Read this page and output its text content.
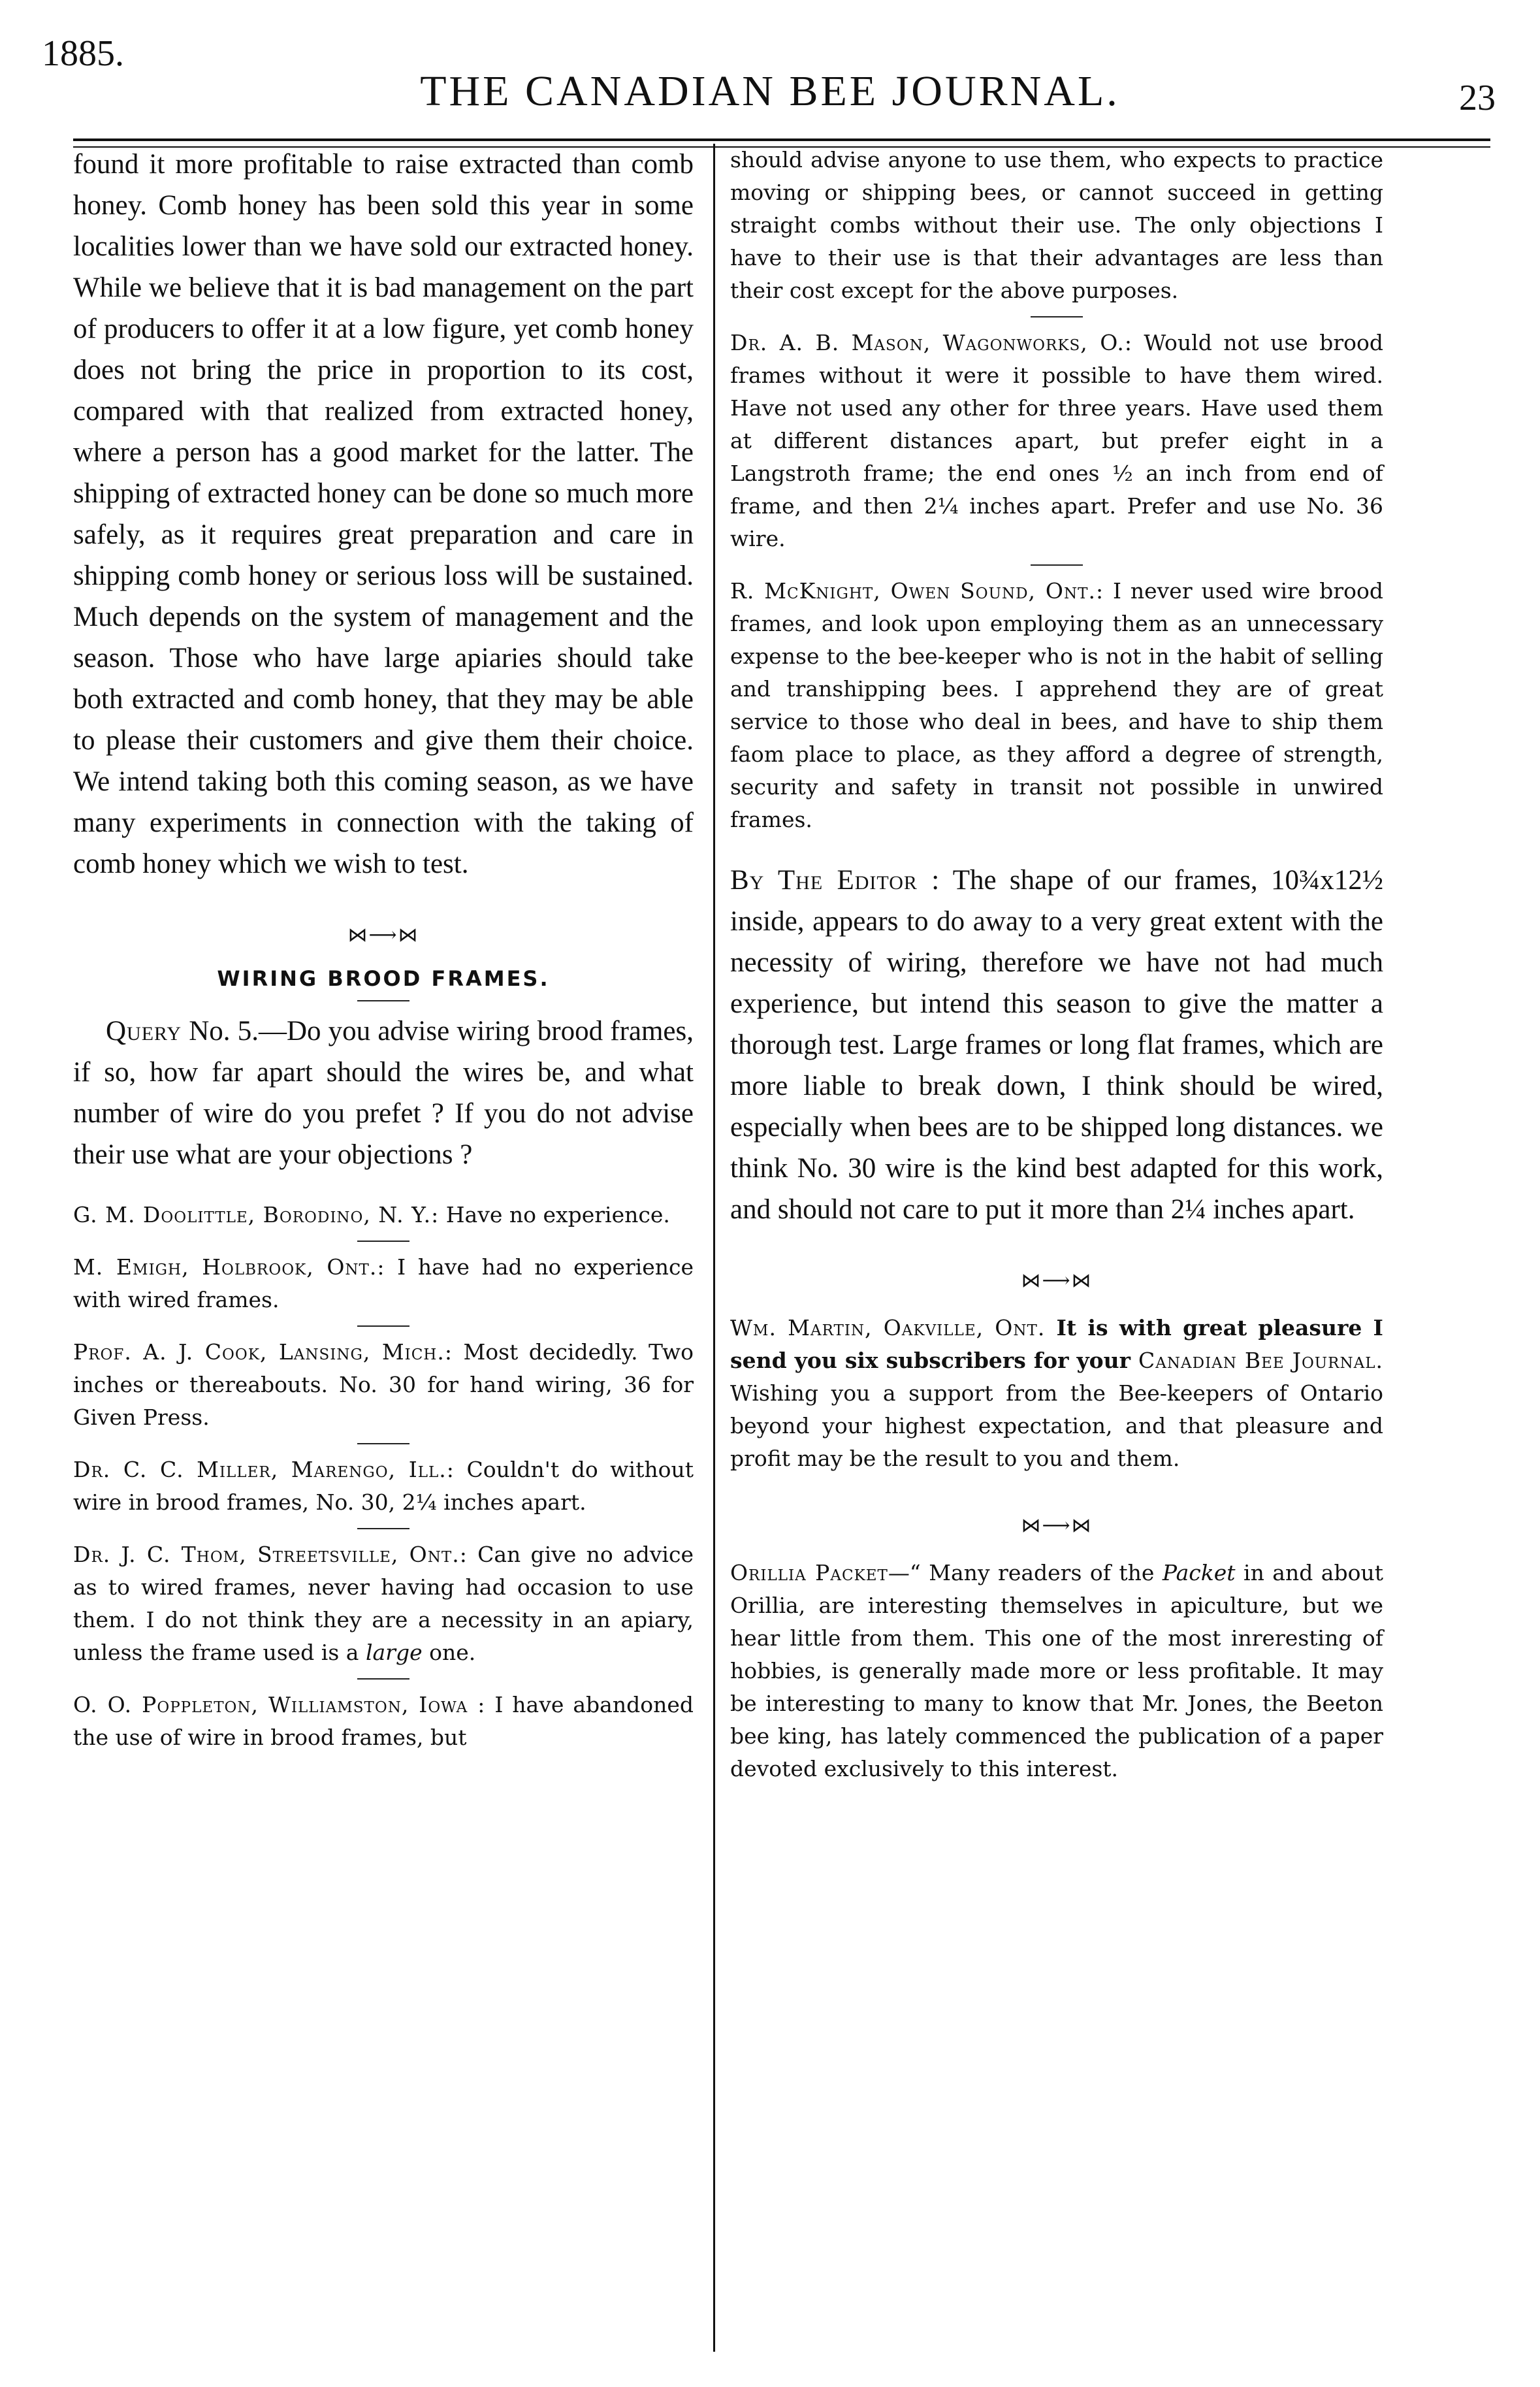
1885.
THE CANADIAN BEE JOURNAL.	23

found it more profitable to raise extracted than comb honey. Comb honey has been sold this year in some localities lower than we have sold our extracted honey. While we believe that it is bad management on the part of producers to offer it at a low figure, yet comb honey does not bring the price in proportion to its cost, compared with that realized from extracted honey, where a person has a good market for the latter. The shipping of extracted honey can be done so much more safely, as it requires great preparation and care in shipping comb honey or serious loss will be sustained. Much depends on the system of management and the season. Those who have large apiaries should take both extracted and comb honey, that they may be able to please their customers and give them their choice. We intend taking both this coming season, as we have many experiments in connection with the taking of comb honey which we wish to test.

⋈⟶⋈
WIRING BROOD FRAMES.

Query No. 5.—Do you advise wiring brood frames, if so, how far apart should the wires be, and what number of wire do you prefet ? If you do not advise their use what are your objections ?

G. M. Doolittle, Borodino, N. Y.: Have no experience.

M. Emigh, Holbrook, Ont.: I have had no experience with wired frames.

Prof. A. J. Cook, Lansing, Mich.: Most decidedly. Two inches or thereabouts. No. 30 for hand wiring, 36 for Given Press.

Dr. C. C. Miller, Marengo, Ill.: Couldn't do without wire in brood frames, No. 30, 2¼ inches apart.

Dr. J. C. Thom, Streetsville, Ont.: Can give no advice as to wired frames, never having had occasion to use them. I do not think they are a necessity in an apiary, unless the frame used is a large one.

O. O. Poppleton, Williamston, Iowa : I have abandoned the use of wire in brood frames, but

should advise anyone to use them, who expects to practice moving or shipping bees, or cannot succeed in getting straight combs without their use. The only objections I have to their use is that their advantages are less than their cost except for the above purposes.

Dr. A. B. Mason, Wagonworks, O.: Would not use brood frames without it were it possible to have them wired. Have not used any other for three years. Have used them at different distances apart, but prefer eight in a Langstroth frame; the end ones ½ an inch from end of frame, and then 2¼ inches apart. Prefer and use No. 36 wire.

R. McKnight, Owen Sound, Ont.: I never used wire brood frames, and look upon employing them as an unnecessary expense to the bee-keeper who is not in the habit of selling and transhipping bees. I apprehend they are of great service to those who deal in bees, and have to ship them faom place to place, as they afford a degree of strength, security and safety in transit not possible in unwired frames.

By The Editor : The shape of our frames, 10¾x12½ inside, appears to do away to a very great extent with the necessity of wiring, therefore we have not had much experience, but intend this season to give the matter a thorough test. Large frames or long flat frames, which are more liable to break down, I think should be wired, especially when bees are to be shipped long distances. we think No. 30 wire is the kind best adapted for this work, and should not care to put it more than 2¼ inches apart.

⋈⟶⋈

Wm. Martin, Oakville, Ont. It is with great pleasure I send you six subscribers for your Canadian Bee Journal. Wishing you a support from the Bee-keepers of Ontario beyond your highest expectation, and that pleasure and profit may be the result to you and them.

⋈⟶⋈

Orillia Packet—“ Many readers of the Packet in and about Orillia, are interesting themselves in apiculture, but we hear little from them. This one of the most inreresting of hobbies, is generally made more or less profitable. It may be interesting to many to know that Mr. Jones, the Beeton bee king, has lately commenced the publication of a paper devoted exclusively to this interest.
